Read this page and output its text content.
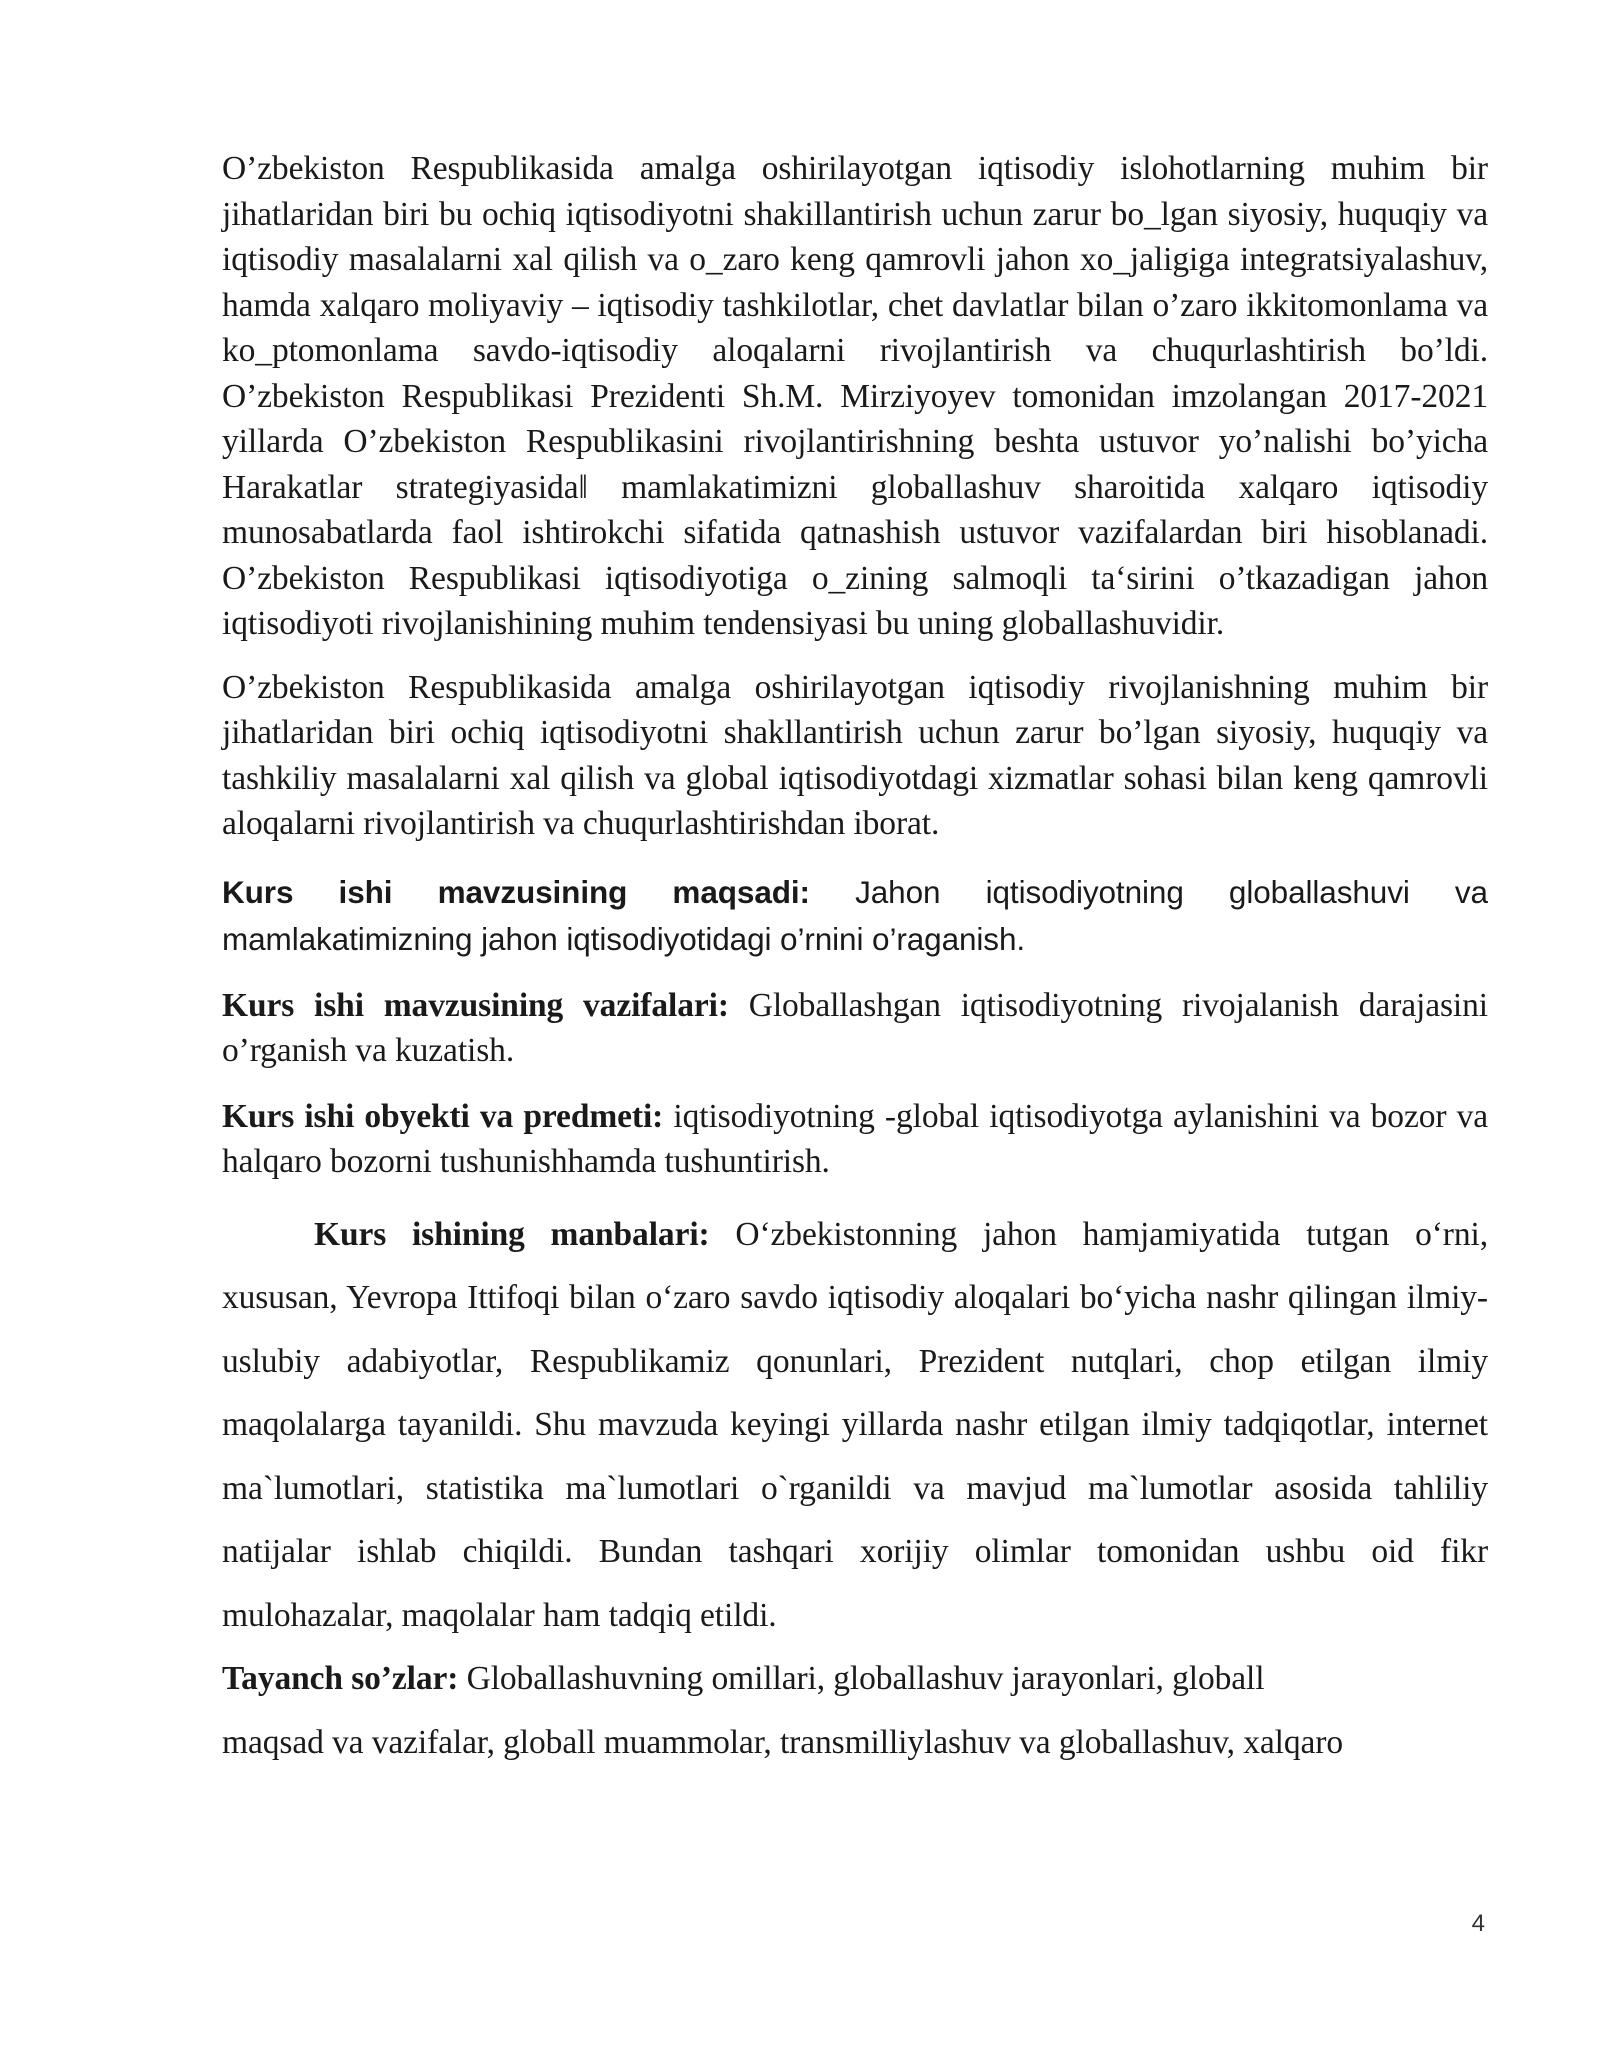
O’zbekiston Respublikasida amalga oshirilayotgan iqtisodiy islohotlarning muhim bir jihatlaridan biri bu ochiq iqtisodiyotni shakillantirish uchun zarur bo_lgan siyosiy, huquqiy va iqtisodiy masalalarni xal qilish va o_zaro keng qamrovli jahon xo_jaligiga integratsiyalashuv, hamda xalqaro moliyaviy – iqtisodiy tashkilotlar, chet davlatlar bilan o’zaro ikkitomonlama va ko_ptomonlama savdo-iqtisodiy aloqalarni rivojlantirish va chuqurlashtirish bo’ldi. O’zbekiston Respublikasi Prezidenti Sh.M. Mirziyoyev tomonidan imzolangan 2017-2021 yillarda O’zbekiston Respublikasini rivojlantirishning beshta ustuvor yo’nalishi bo’yicha Harakatlar strategiyasida‖ mamlakatimizni globallashuv sharoitida xalqaro iqtisodiy munosabatlarda faol ishtirokchi sifatida qatnashish ustuvor vazifalardan biri hisoblanadi. O’zbekiston Respublikasi iqtisodiyotiga o_zining salmoqli ta‘sirini o’tkazadigan jahon iqtisodiyoti rivojlanishining muhim tendensiyasi bu uning globallashuvidir.

O’zbekiston Respublikasida amalga oshirilayotgan iqtisodiy rivojlanishning muhim bir jihatlaridan biri ochiq iqtisodiyotni shakllantirish uchun zarur bo’lgan siyosiy, huquqiy va tashkiliy masalalarni xal qilish va global iqtisodiyotdagi xizmatlar sohasi bilan keng qamrovli aloqalarni rivojlantirish va chuqurlashtirishdan iborat.

Kurs ishi mavzusining maqsadi: Jahon iqtisodiyotning globallashuvi va mamlakatimizning jahon iqtisodiyotidagi o’rnini o’raganish.

Kurs ishi mavzusining vazifalari: Globallashgan iqtisodiyotning rivojalanish darajasini o’rganish va kuzatish.

Kurs ishi obyekti va predmeti: iqtisodiyotning -global iqtisodiyotga aylanishini va bozor va halqaro bozorni tushunishhamda tushuntirish.

Kurs ishining manbalari: O‘zbekistonning jahon hamjamiyatida tutgan o‘rni, xususan, Yevropa Ittifoqi bilan o‘zaro savdo iqtisodiy aloqalari bo‘yicha nashr qilingan ilmiy-uslubiy adabiyotlar, Respublikamiz qonunlari, Prezident nutqlari, chop etilgan ilmiy maqolalarga tayanildi. Shu mavzuda keyingi yillarda nashr etilgan ilmiy tadqiqotlar, internet ma`lumotlari, statistika ma`lumotlari o`rganildi va mavjud ma`lumotlar asosida tahliliy natijalar ishlab chiqildi. Bundan tashqari xorijiy olimlar tomonidan ushbu oid fikr mulohazalar, maqolalar ham tadqiq etildi.

Tayanch so’zlar: Globallashuvning omillari, globallashuv jarayonlari, globall
maqsad va vazifalar, globall muammolar, transmilliylashuv va globallashuv, xalqaro

4
